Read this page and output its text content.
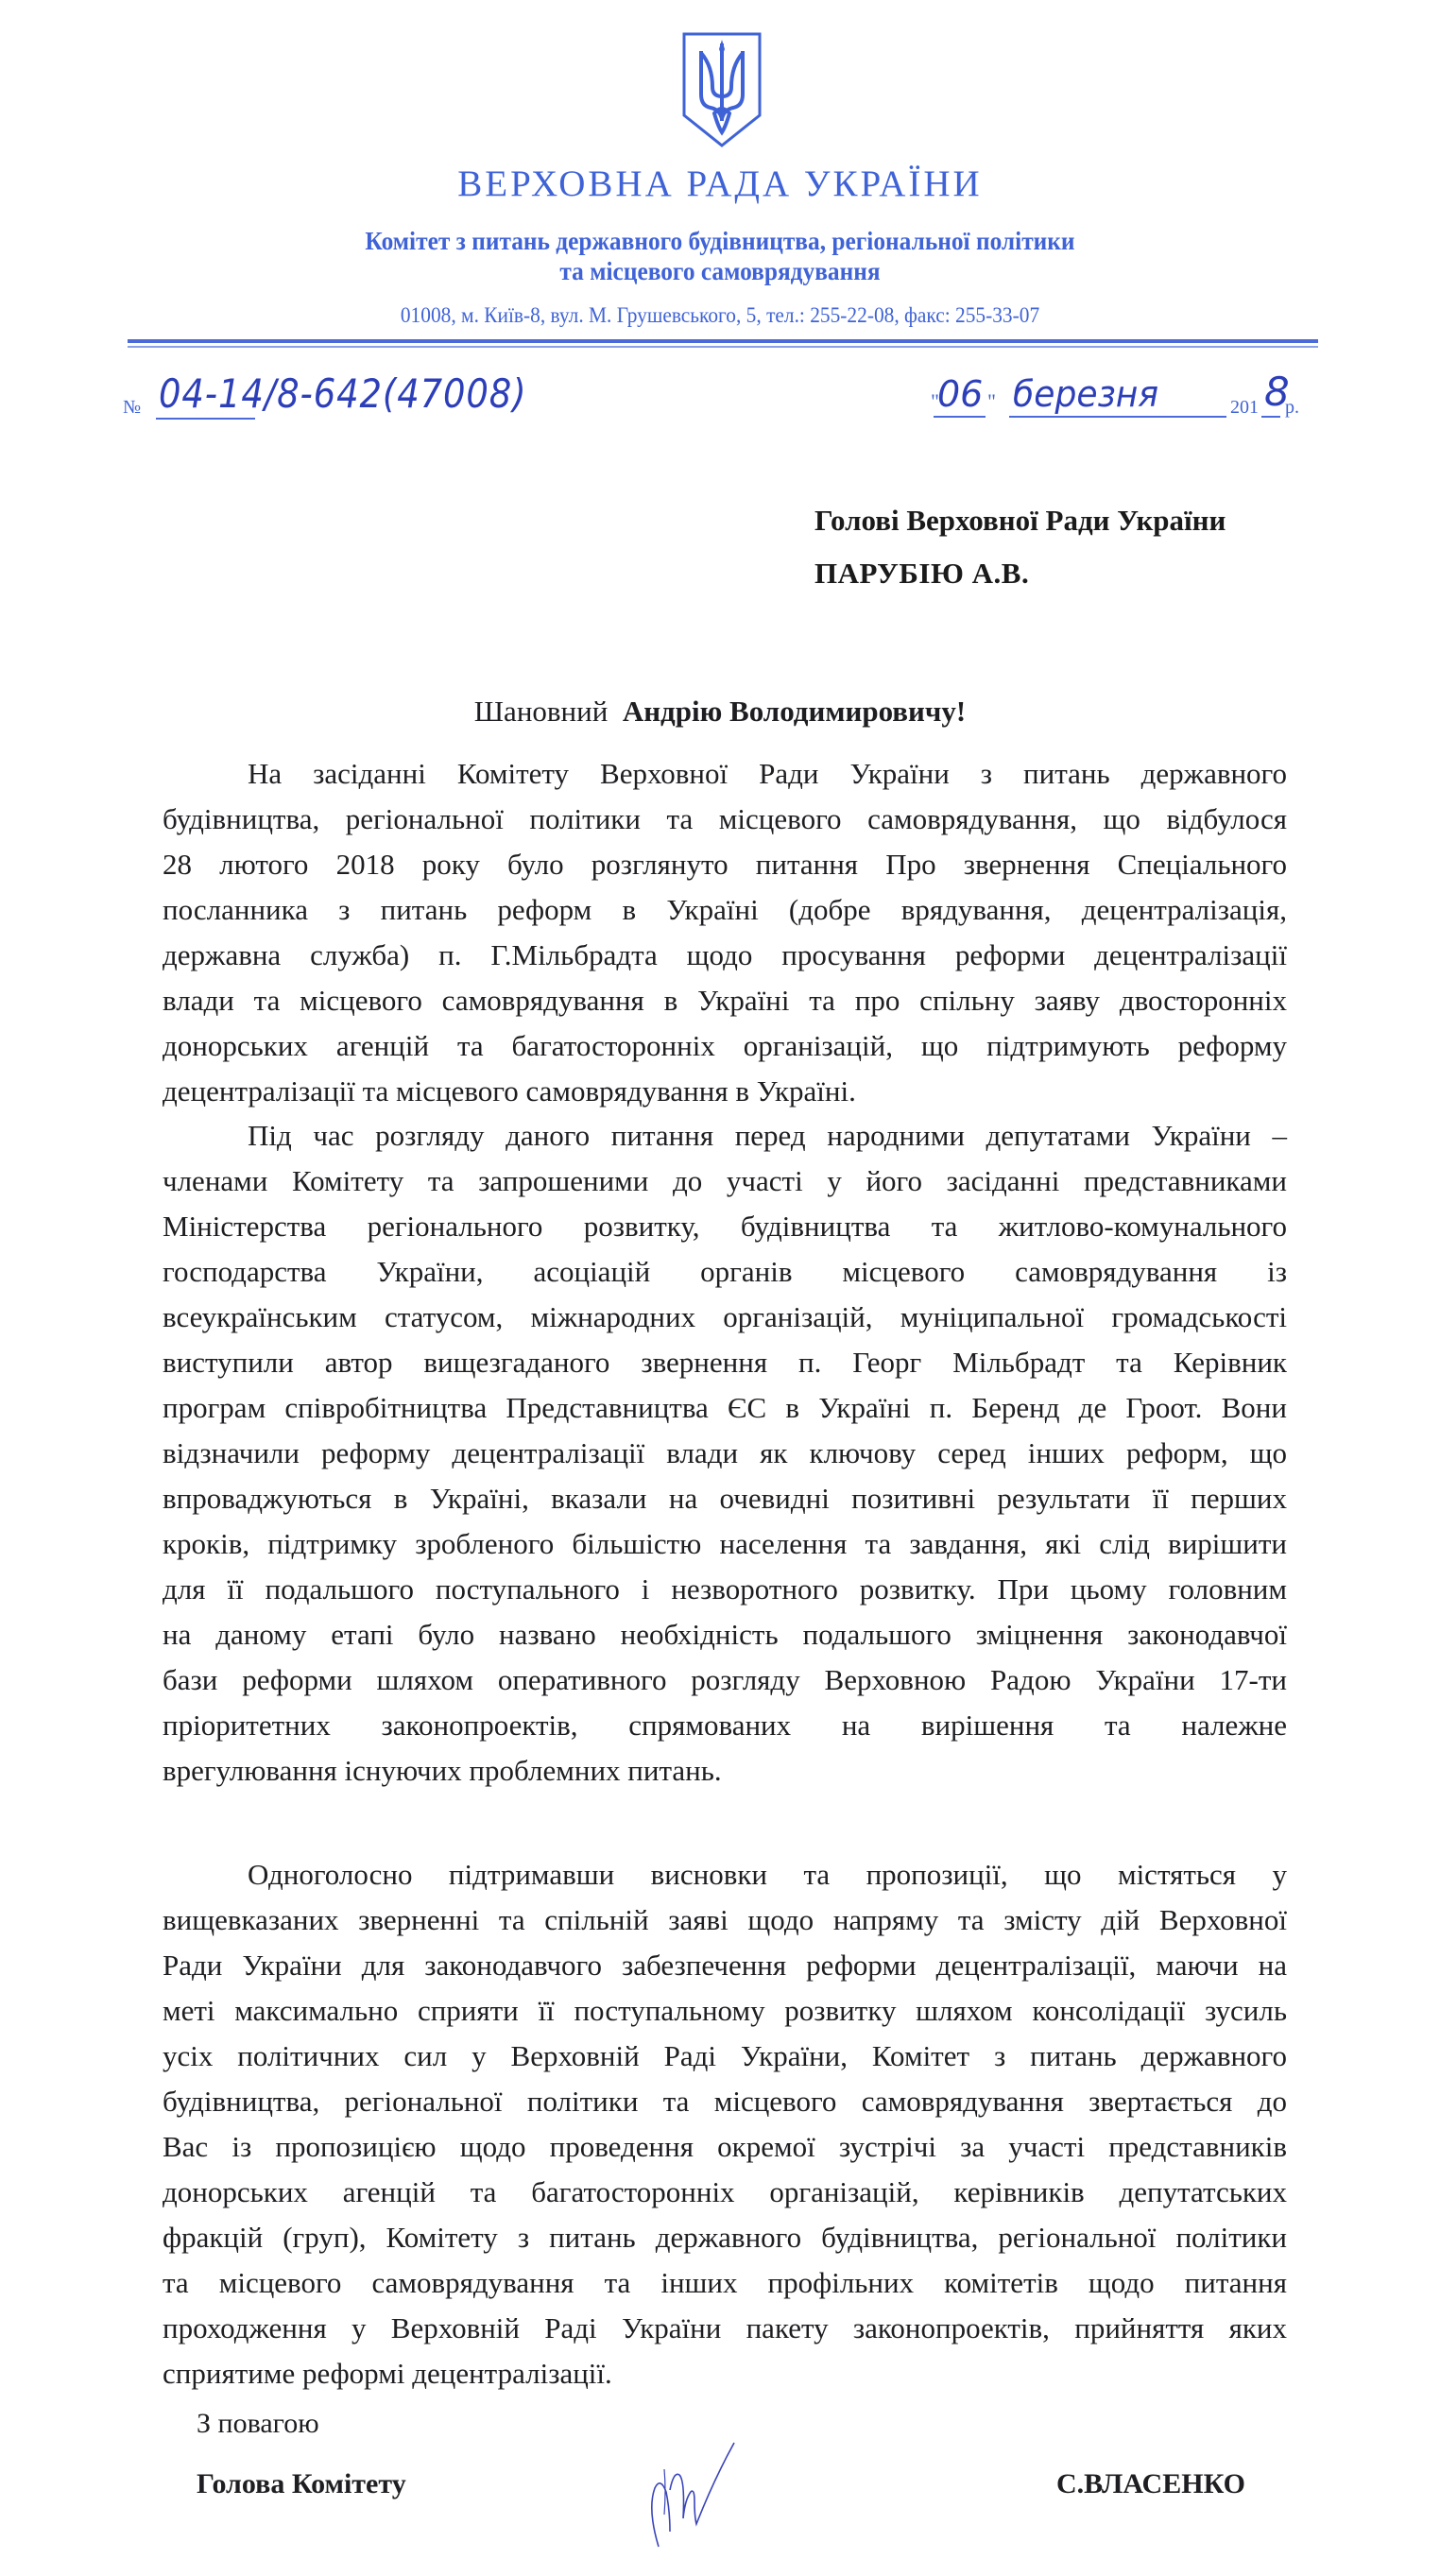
ВЕРХОВНА РАДА УКРАЇНИ
Комітет з питань державного будівництва, регіональної політики
та місцевого самоврядування
01008, м. Київ-8, вул. М. Грушевського, 5, тел.: 255-22-08, факс: 255-33-07
№ 04-14/8-642(47008)	"
06 " березня	201 8
р.
Голові Верховної Ради України
ПАРУБІЮ А.В.
Шановний Андрію Володимировичу!
На засіданні Комітету Верховної Ради України з питань державного
будівництва, регіональної політики та місцевого самоврядування, що відбулося
28 лютого 2018 року було розглянуто питання Про звернення Спеціального
посланника з питань реформ в Україні (добре врядування, децентралізація,
державна служба) п. Г.Мільбрадта щодо просування реформи децентралізації
влади та місцевого самоврядування в Україні та про спільну заяву двосторонніх
донорських агенцій та багатосторонніх організацій, що підтримують реформу
децентралізації та місцевого самоврядування в Україні.
Під час розгляду даного питання перед народними депутатами України –
членами Комітету та запрошеними до участі у його засіданні представниками
Міністерства регіонального розвитку, будівництва та житлово-комунального
господарства України, асоціацій органів місцевого самоврядування із
всеукраїнським статусом, міжнародних організацій, муніципальної громадськості
виступили автор вищезгаданого звернення п. Георг Мільбрадт та Керівник
програм співробітництва Представництва ЄС в Україні п. Беренд де Гроот. Вони
відзначили реформу децентралізації влади як ключову серед інших реформ, що
впроваджуються в Україні, вказали на очевидні позитивні результати її перших
кроків, підтримку зробленого більшістю населення та завдання, які слід вирішити
для її подальшого поступального і незворотного розвитку. При цьому головним
на даному етапі було названо необхідність подальшого зміцнення законодавчої
бази реформи шляхом оперативного розгляду Верховною Радою України 17-ти
пріоритетних законопроектів, спрямованих на вирішення та належне
врегулювання існуючих проблемних питань.
Одноголосно підтримавши висновки та пропозиції, що містяться у
вищевказаних зверненні та спільній заяві щодо напряму та змісту дій Верховної
Ради України для законодавчого забезпечення реформи децентралізації, маючи на
меті максимально сприяти її поступальному розвитку шляхом консолідації зусиль
усіх політичних сил у Верховній Раді України, Комітет з питань державного
будівництва, регіональної політики та місцевого самоврядування звертається до
Вас із пропозицією щодо проведення окремої зустрічі за участі представників
донорських агенцій та багатосторонніх організацій, керівників депутатських
фракцій (груп), Комітету з питань державного будівництва, регіональної політики
та місцевого самоврядування та інших профільних комітетів щодо питання
проходження у Верховній Раді України пакету законопроектів, прийняття яких
сприятиме реформі децентралізації.
З повагою
Голова Комітету	С.ВЛАСЕНКО
